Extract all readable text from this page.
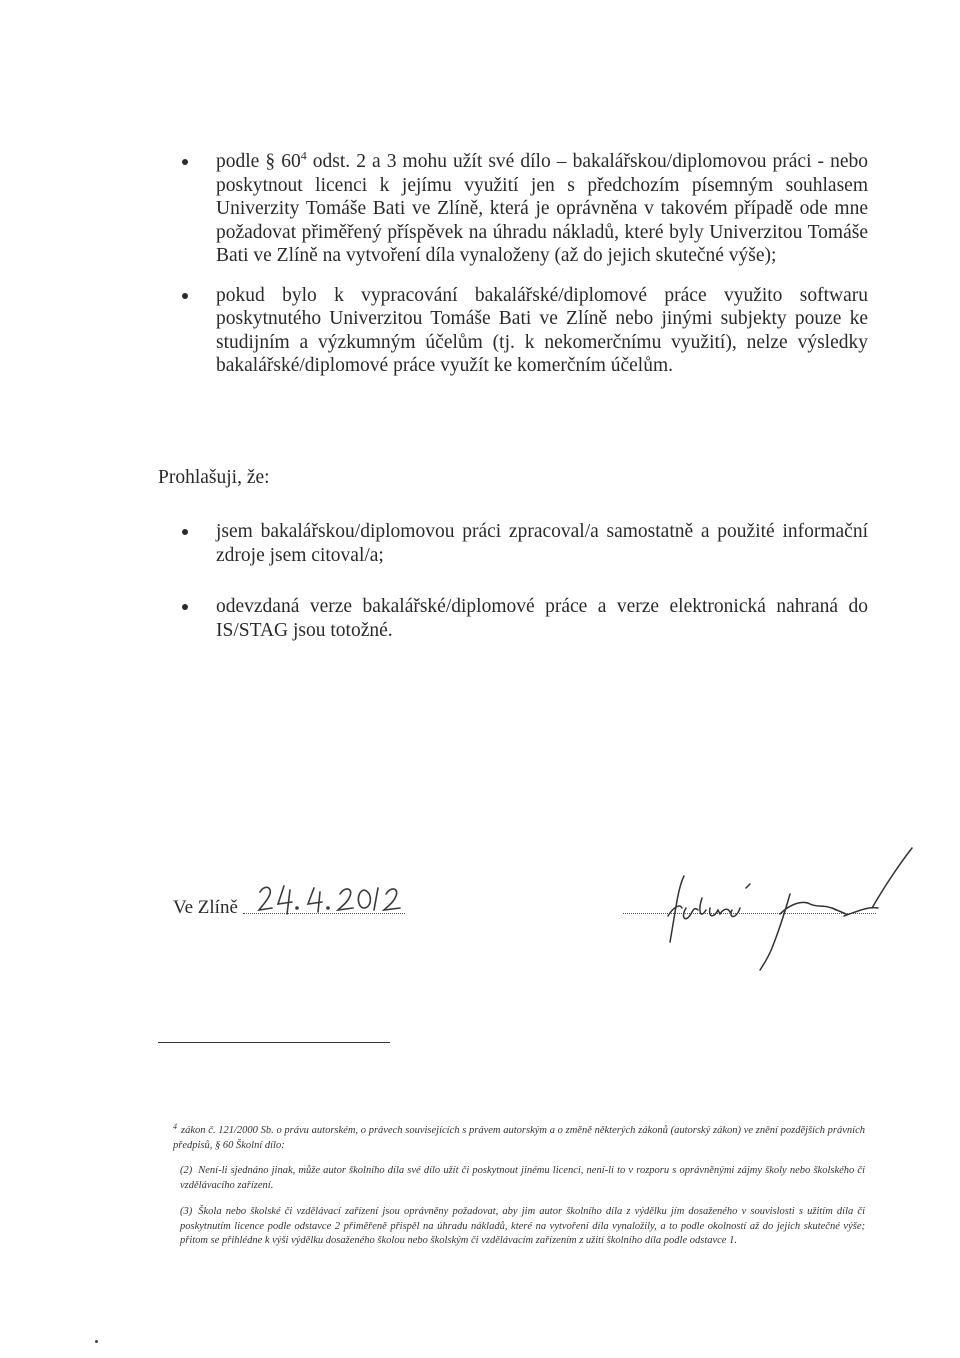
podle § $60^4$ odst. 2 a 3 mohu užít své dílo – bakalářskou/diplomovou práci - nebo poskytnout licenci k jejímu využití jen s předchozím písemným souhlasem Univerzity Tomáše Bati ve Zlíně, která je oprávněna v takovém případě ode mne požadovat přiměřený příspěvek na úhradu nákladů, které byly Univerzitou Tomáše Bati ve Zlíně na vytvoření díla vynaloženy (až do jejich skutečné výše);
pokud bylo k vypracování bakalářské/diplomové práce využito softwaru poskytnutého Univerzitou Tomáše Bati ve Zlíně nebo jinými subjekty pouze ke studijním a výzkumným účelům (tj. k nekomerčnímu využití), nelze výsledky bakalářské/diplomové práce využít ke komerčním účelům.
Prohlašuji, že:
jsem bakalářskou/diplomovou práci zpracoval/a samostatně a použité informační zdroje jsem citoval/a;
odevzdaná verze bakalářské/diplomové práce a verze elektronická nahraná do IS/STAG jsou totožné.
Ve Zlíně
$^4$ zákon č. 121/2000 Sb. o právu autorském, o právech souvisejících s právem autorským a o změně některých zákonů (autorský zákon) ve znění pozdějších právních předpisů, § 60 Školní dílo:
(2) Není-li sjednáno jinak, může autor školního díla své dílo užít či poskytnout jinému licenci, není-li to v rozporu s oprávněnými zájmy školy nebo školského či vzdělávacího zařízení.
(3) Škola nebo školské či vzdělávací zařízení jsou oprávněny požadovat, aby jim autor školního díla z výdělku jím dosaženého v souvislosti s užitím díla či poskytnutím licence podle odstavce 2 přiměřeně přispěl na úhradu nákladů, které na vytvoření díla vynaložily, a to podle okolností až do jejich skutečné výše; přitom se přihlédne k výši výdělku dosaženého školou nebo školským či vzdělávacím zařízením z užití školního díla podle odstavce 1.
